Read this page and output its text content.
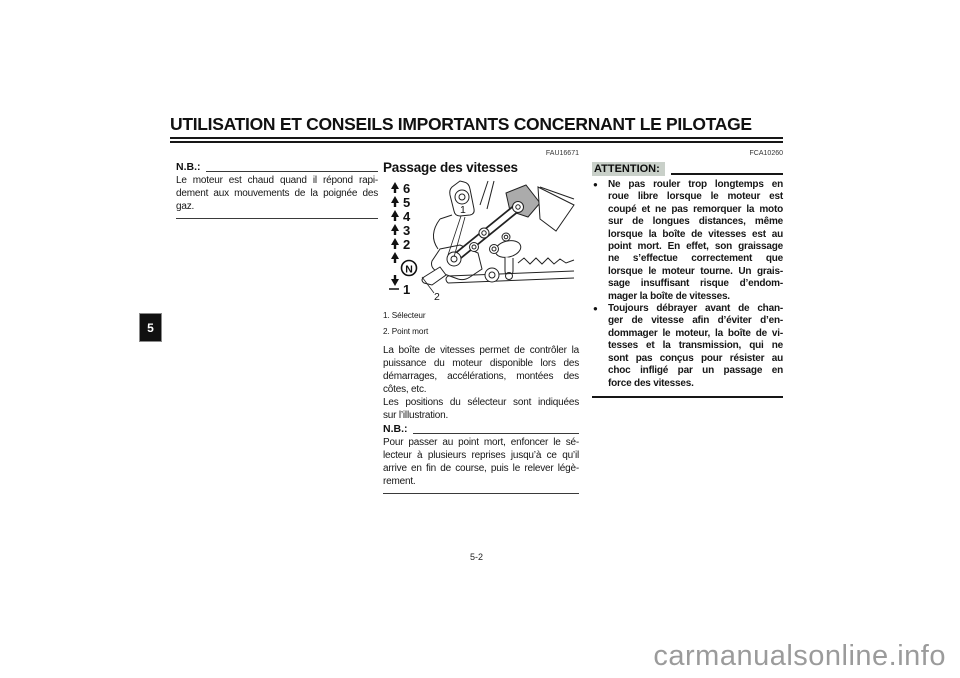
UTILISATION ET CONSEILS IMPORTANTS CONCERNANT LE PILOTAGE
5
N.B.:
Le moteur est chaud quand il répond rapi-
dement aux mouvements de la poignée des
gaz.
FAU16671
Passage des vitesses
6
5
4
3
2
N
1
1
2
1. Sélecteur
2. Point mort
La boîte de vitesses permet de contrôler la
puissance du moteur disponible lors des
démarrages, accélérations, montées des
côtes, etc.
Les positions du sélecteur sont indiquées
sur l’illustration.
N.B.:
Pour passer au point mort, enfoncer le sé-
lecteur à plusieurs reprises jusqu’à ce qu’il
arrive en fin de course, puis le relever légè-
rement.
FCA10260
ATTENTION:
● Ne pas rouler trop longtemps en
roue libre lorsque le moteur est
coupé et ne pas remorquer la moto
sur de longues distances, même
lorsque la boîte de vitesses est au
point mort. En effet, son graissage
ne s’effectue correctement que
lorsque le moteur tourne. Un grais-
sage insuffisant risque d’endom-
mager la boîte de vitesses.
● Toujours débrayer avant de chan-
ger de vitesse afin d’éviter d’en-
dommager le moteur, la boîte de vi-
tesses et la transmission, qui ne
sont pas conçus pour résister au
choc infligé par un passage en
force des vitesses.
5-2
carmanualsonline.info
